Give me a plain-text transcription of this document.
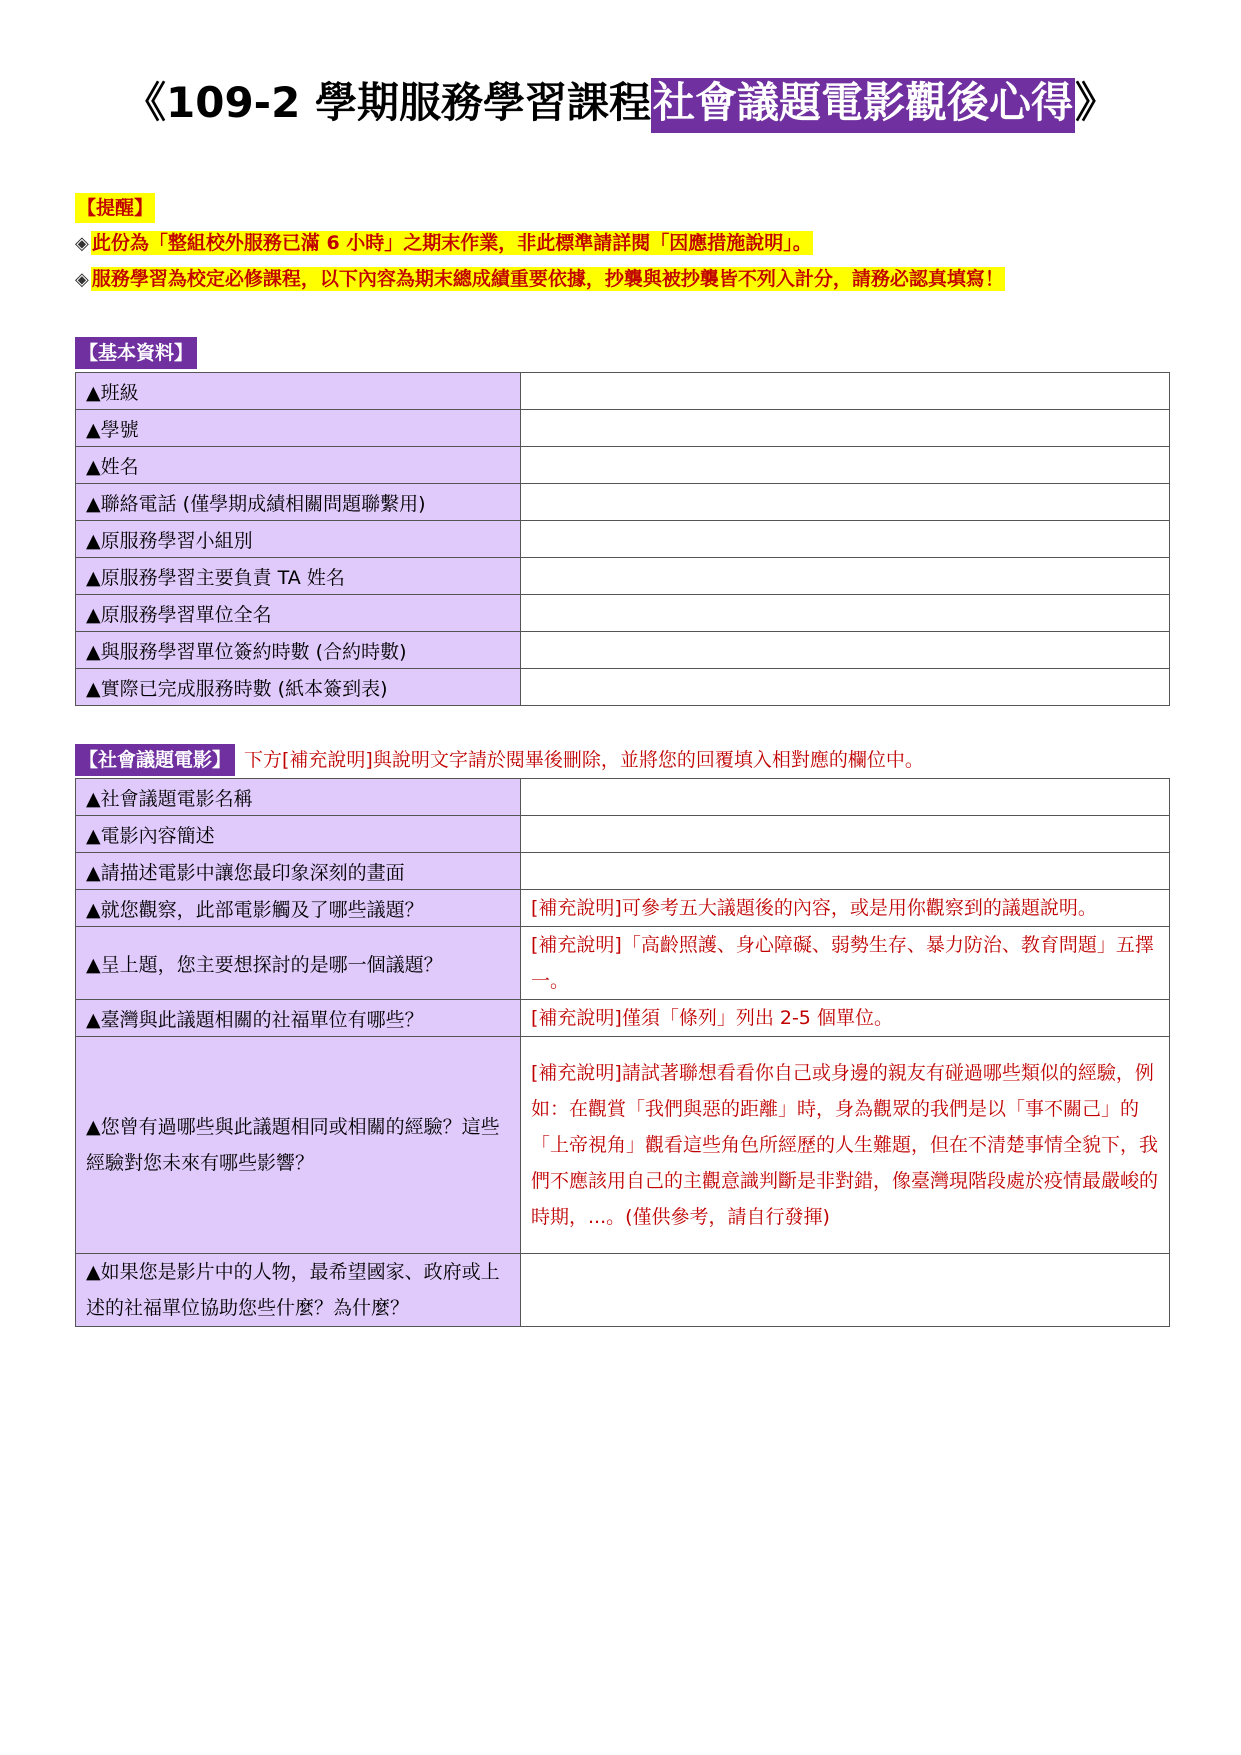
《109-2 學期服務學習課程社會議題電影觀後心得》
【提醒】
◈ 此份為「整組校外服務已滿 6 小時」之期末作業，非此標準請詳閱「因應措施說明」。
◈ 服務學習為校定必修課程，以下內容為期末總成績重要依據，抄襲與被抄襲皆不列入計分，請務必認真填寫！
【基本資料】
▲班級	
▲學號	
▲姓名	
▲聯絡電話 (僅學期成績相關問題聯繫用)	
▲原服務學習小組別	
▲原服務學習主要負責 TA 姓名	
▲原服務學習單位全名	
▲與服務學習單位簽約時數 (合約時數)	
▲實際已完成服務時數 (紙本簽到表)	
【社會議題電影】 下方[補充說明]與說明文字請於閱畢後刪除，並將您的回覆填入相對應的欄位中。
▲社會議題電影名稱	
▲電影內容簡述	
▲請描述電影中讓您最印象深刻的畫面	
▲就您觀察，此部電影觸及了哪些議題？	[補充說明]可參考五大議題後的內容，或是用你觀察到的議題說明。
▲呈上題，您主要想探討的是哪一個議題？	[補充說明]「高齡照護、身心障礙、弱勢生存、暴力防治、教育問題」五擇一。
▲臺灣與此議題相關的社福單位有哪些？	[補充說明]僅須「條列」列出 2-5 個單位。
▲您曾有過哪些與此議題相同或相關的經驗？這些經驗對您未來有哪些影響？	[補充說明]請試著聯想看看你自己或身邊的親友有碰過哪些類似的經驗，例如：在觀賞「我們與惡的距離」時，身為觀眾的我們是以「事不關己」的「上帝視角」觀看這些角色所經歷的人生難題，但在不清楚事情全貌下，我們不應該用自己的主觀意識判斷是非對錯，像臺灣現階段處於疫情最嚴峻的時期，...。(僅供參考，請自行發揮)
▲如果您是影片中的人物，最希望國家、政府或上述的社福單位協助您些什麼？為什麼？	
